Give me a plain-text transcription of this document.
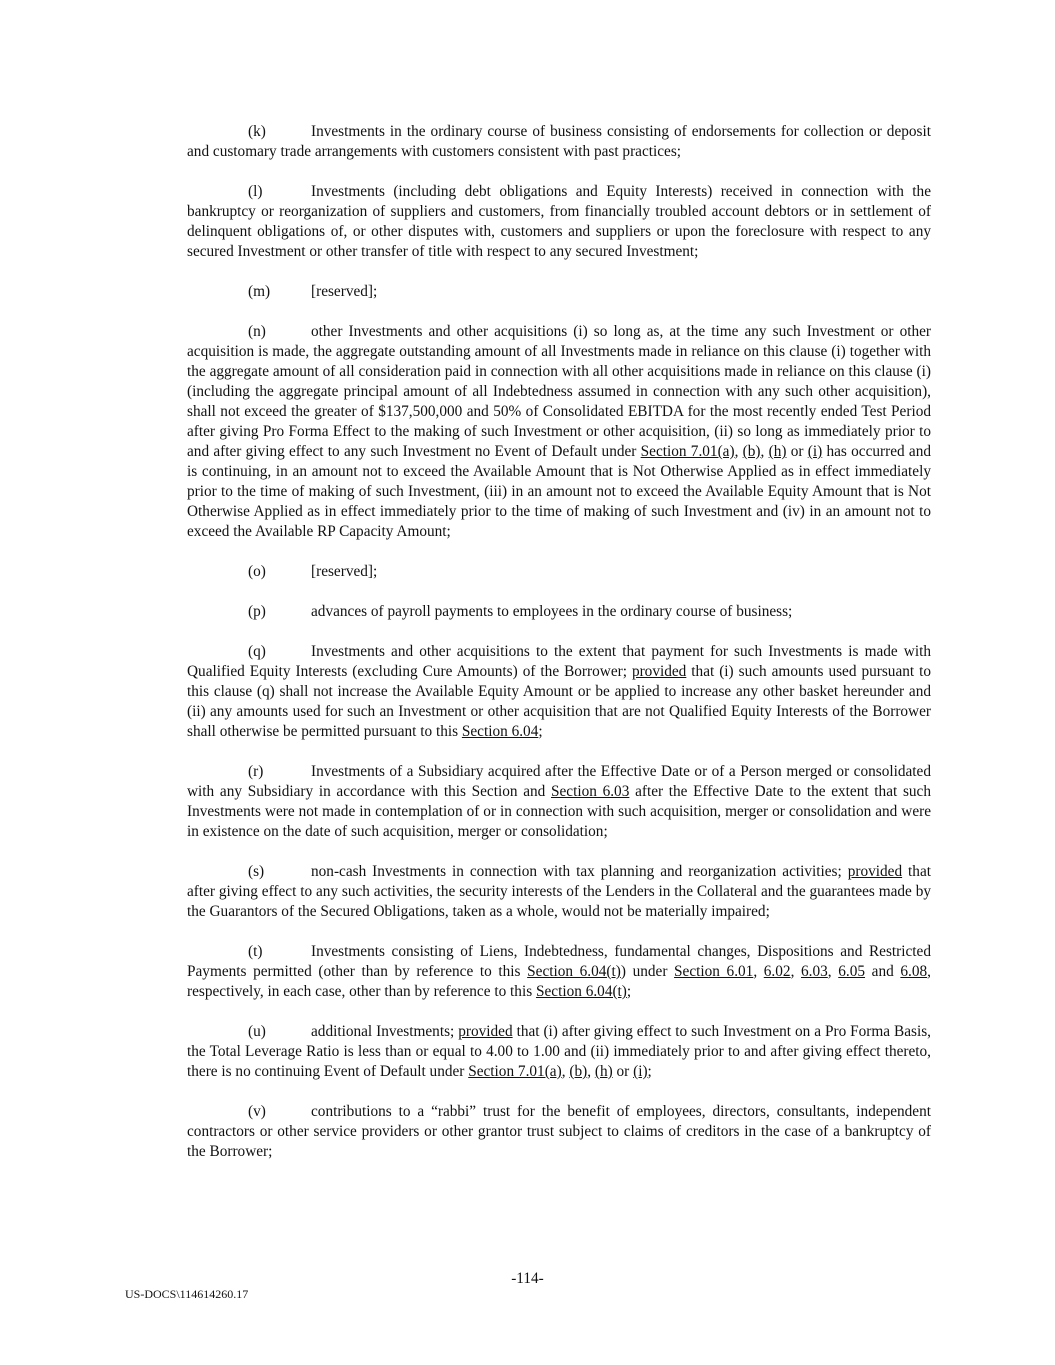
(k)	Investments in the ordinary course of business consisting of endorsements for collection or deposit and customary trade arrangements with customers consistent with past practices;

(l)	Investments (including debt obligations and Equity Interests) received in connection with the bankruptcy or reorganization of suppliers and customers, from financially troubled account debtors or in settlement of delinquent obligations of, or other disputes with, customers and suppliers or upon the foreclosure with respect to any secured Investment or other transfer of title with respect to any secured Investment;

(m)	[reserved];

(n)	other Investments and other acquisitions (i) so long as, at the time any such Investment or other acquisition is made, the aggregate outstanding amount of all Investments made in reliance on this clause (i) together with the aggregate amount of all consideration paid in connection with all other acquisitions made in reliance on this clause (i) (including the aggregate principal amount of all Indebtedness assumed in connection with any such other acquisition), shall not exceed the greater of $137,500,000 and 50% of Consolidated EBITDA for the most recently ended Test Period after giving Pro Forma Effect to the making of such Investment or other acquisition, (ii) so long as immediately prior to and after giving effect to any such Investment no Event of Default under Section 7.01(a), (b), (h) or (i) has occurred and is continuing, in an amount not to exceed the Available Amount that is Not Otherwise Applied as in effect immediately prior to the time of making of such Investment, (iii) in an amount not to exceed the Available Equity Amount that is Not Otherwise Applied as in effect immediately prior to the time of making of such Investment and (iv) in an amount not to exceed the Available RP Capacity Amount;

(o)	[reserved];

(p)	advances of payroll payments to employees in the ordinary course of business;

(q)	Investments and other acquisitions to the extent that payment for such Investments is made with Qualified Equity Interests (excluding Cure Amounts) of the Borrower; provided that (i) such amounts used pursuant to this clause (q) shall not increase the Available Equity Amount or be applied to increase any other basket hereunder and (ii) any amounts used for such an Investment or other acquisition that are not Qualified Equity Interests of the Borrower shall otherwise be permitted pursuant to this Section 6.04;

(r)	Investments of a Subsidiary acquired after the Effective Date or of a Person merged or consolidated with any Subsidiary in accordance with this Section and Section 6.03 after the Effective Date to the extent that such Investments were not made in contemplation of or in connection with such acquisition, merger or consolidation and were in existence on the date of such acquisition, merger or consolidation;

(s)	non-cash Investments in connection with tax planning and reorganization activities; provided that after giving effect to any such activities, the security interests of the Lenders in the Collateral and the guarantees made by the Guarantors of the Secured Obligations, taken as a whole, would not be materially impaired;

(t)	Investments consisting of Liens, Indebtedness, fundamental changes, Dispositions and Restricted Payments permitted (other than by reference to this Section 6.04(t)) under Section 6.01, 6.02, 6.03, 6.05 and 6.08, respectively, in each case, other than by reference to this Section 6.04(t);

(u)	additional Investments; provided that (i) after giving effect to such Investment on a Pro Forma Basis, the Total Leverage Ratio is less than or equal to 4.00 to 1.00 and (ii) immediately prior to and after giving effect thereto, there is no continuing Event of Default under Section 7.01(a), (b), (h) or (i);

(v)	contributions to a “rabbi” trust for the benefit of employees, directors, consultants, independent contractors or other service providers or other grantor trust subject to claims of creditors in the case of a bankruptcy of the Borrower;

-114-
US-DOCS\114614260.17
